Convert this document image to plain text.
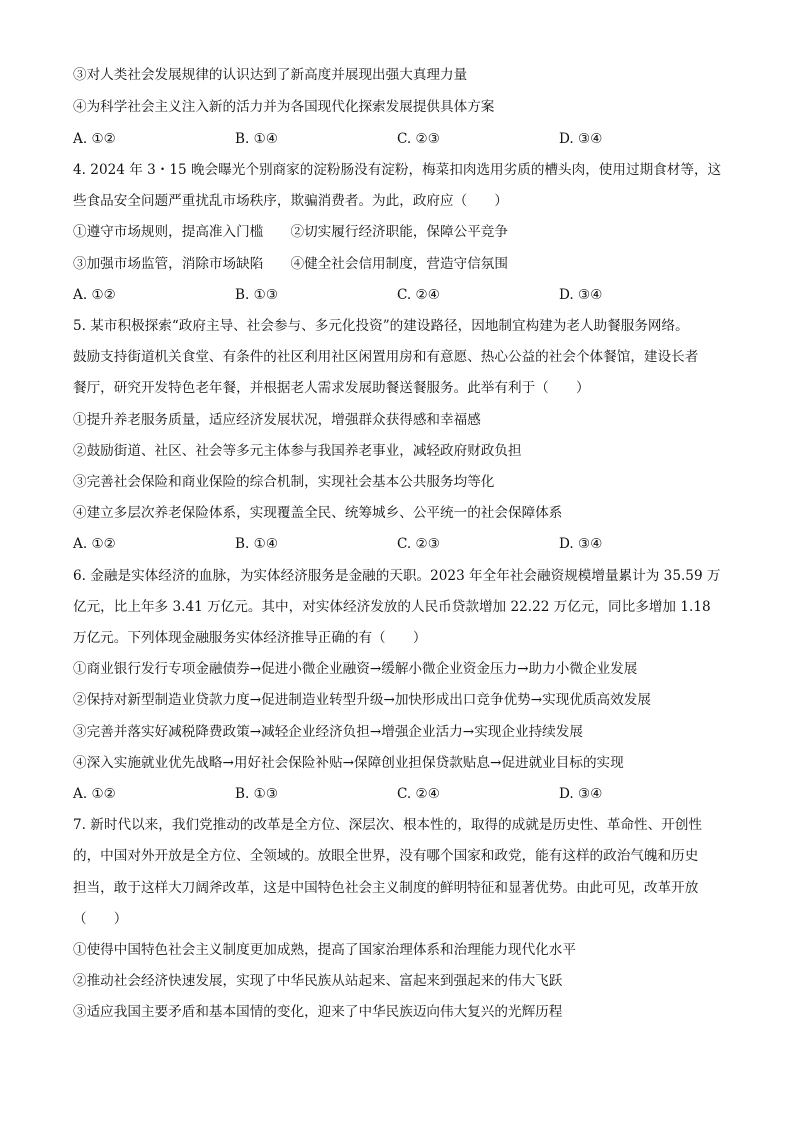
③对人类社会发展规律的认识达到了新高度并展现出强大真理力量
④为科学社会主义注入新的活力并为各国现代化探索发展提供具体方案
A. ①②	B. ①④	C. ②③	D. ③④
4. 2024 年 3・15 晚会曝光个别商家的淀粉肠没有淀粉，梅菜扣肉选用劣质的槽头肉，使用过期食材等，这
些食品安全问题严重扰乱市场秩序，欺骗消费者。为此，政府应（　　）
①遵守市场规则，提高准入门槛　　②切实履行经济职能，保障公平竞争
③加强市场监管，消除市场缺陷　　④健全社会信用制度，营造守信氛围
A. ①②	B. ①③	C. ②④	D. ③④
5. 某市积极探索“政府主导、社会参与、多元化投资”的建设路径，因地制宜构建为老人助餐服务网络。
鼓励支持街道机关食堂、有条件的社区利用社区闲置用房和有意愿、热心公益的社会个体餐馆，建设长者
餐厅，研究开发特色老年餐，并根据老人需求发展助餐送餐服务。此举有利于（　　）
①提升养老服务质量，适应经济发展状况，增强群众获得感和幸福感
②鼓励街道、社区、社会等多元主体参与我国养老事业，减轻政府财政负担
③完善社会保险和商业保险的综合机制，实现社会基本公共服务均等化
④建立多层次养老保险体系，实现覆盖全民、统筹城乡、公平统一的社会保障体系
A. ①②	B. ①④	C. ②③	D. ③④
6. 金融是实体经济的血脉，为实体经济服务是金融的天职。2023 年全年社会融资规模增量累计为 35.59 万
亿元，比上年多 3.41 万亿元。其中，对实体经济发放的人民币贷款增加 22.22 万亿元，同比多增加 1.18
万亿元。下列体现金融服务实体经济推导正确的有（　　）
①商业银行发行专项金融债券→促进小微企业融资→缓解小微企业资金压力→助力小微企业发展
②保持对新型制造业贷款力度→促进制造业转型升级→加快形成出口竞争优势→实现优质高效发展
③完善并落实好减税降费政策→减轻企业经济负担→增强企业活力→实现企业持续发展
④深入实施就业优先战略→用好社会保险补贴→保障创业担保贷款贴息→促进就业目标的实现
A. ①②	B. ①③	C. ②④	D. ③④
7. 新时代以来，我们党推动的改革是全方位、深层次、根本性的，取得的成就是历史性、革命性、开创性
的，中国对外开放是全方位、全领域的。放眼全世界，没有哪个国家和政党，能有这样的政治气魄和历史
担当，敢于这样大刀阔斧改革，这是中国特色社会主义制度的鲜明特征和显著优势。由此可见，改革开放
（　　）
①使得中国特色社会主义制度更加成熟，提高了国家治理体系和治理能力现代化水平
②推动社会经济快速发展，实现了中华民族从站起来、富起来到强起来的伟大飞跃
③适应我国主要矛盾和基本国情的变化，迎来了中华民族迈向伟大复兴的光辉历程
